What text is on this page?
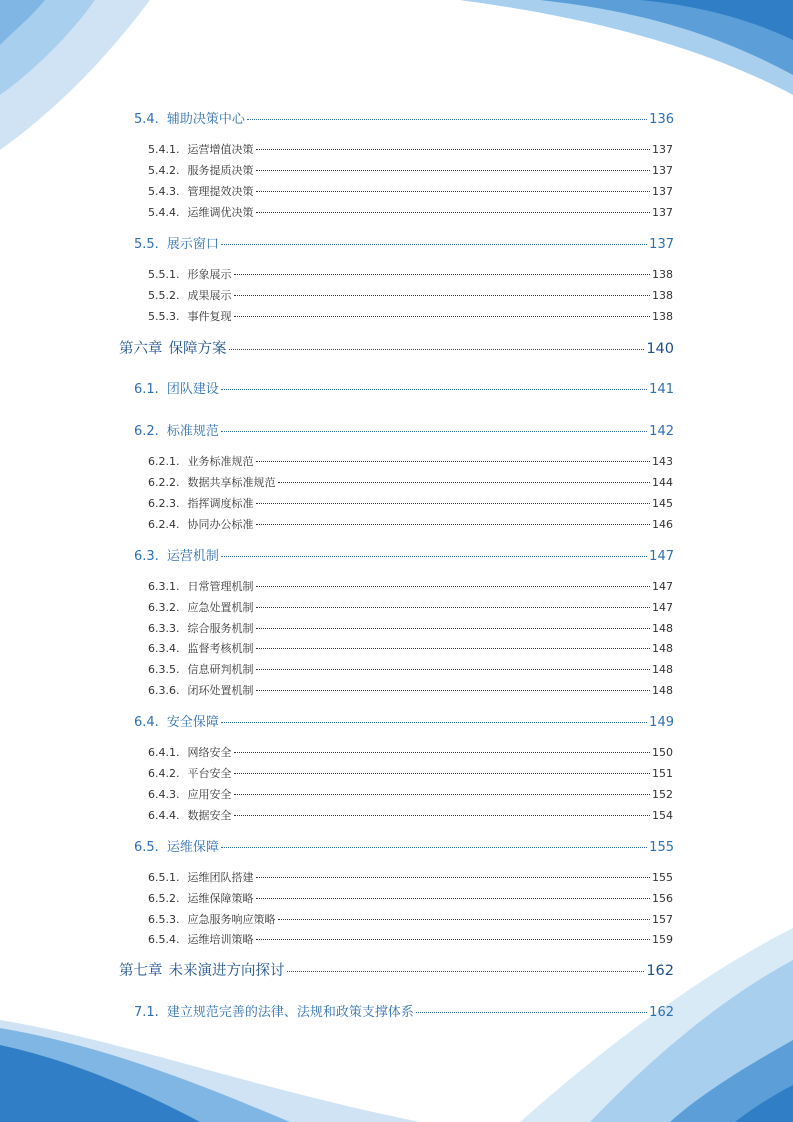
5.4. 辅助决策中心	136
5.4.1. 运营增值决策	137
5.4.2. 服务提质决策	137
5.4.3. 管理提效决策	137
5.4.4. 运维调优决策	137
5.5. 展示窗口	137
5.5.1. 形象展示	138
5.5.2. 成果展示	138
5.5.3. 事件复现	138
第六章 保障方案	140
6.1. 团队建设	141
6.2. 标准规范	142
6.2.1. 业务标准规范	143
6.2.2. 数据共享标准规范	144
6.2.3. 指挥调度标准	145
6.2.4. 协同办公标准	146
6.3. 运营机制	147
6.3.1. 日常管理机制	147
6.3.2. 应急处置机制	147
6.3.3. 综合服务机制	148
6.3.4. 监督考核机制	148
6.3.5. 信息研判机制	148
6.3.6. 闭环处置机制	148
6.4. 安全保障	149
6.4.1. 网络安全	150
6.4.2. 平台安全	151
6.4.3. 应用安全	152
6.4.4. 数据安全	154
6.5. 运维保障	155
6.5.1. 运维团队搭建	155
6.5.2. 运维保障策略	156
6.5.3. 应急服务响应策略	157
6.5.4. 运维培训策略	159
第七章 未来演进方向探讨	162
7.1. 建立规范完善的法律、法规和政策支撑体系	162
